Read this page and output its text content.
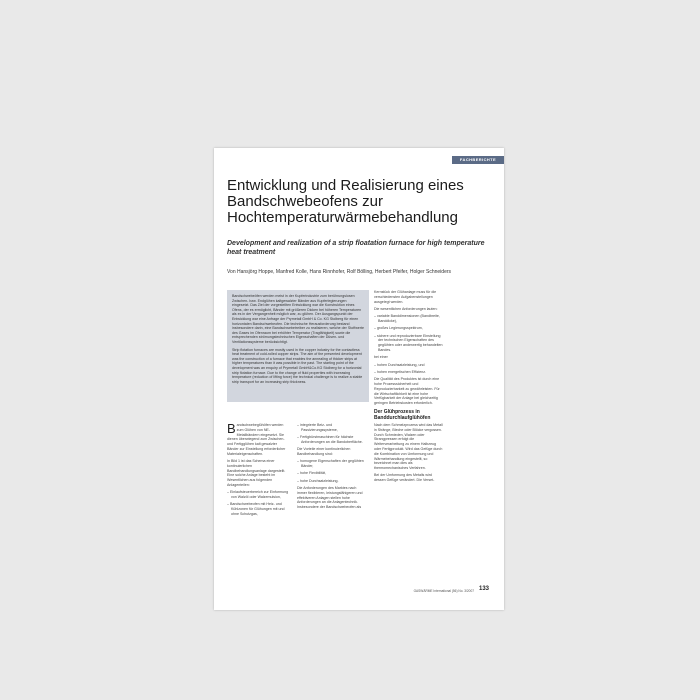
FACHBERICHTE
Entwicklung und Realisierung eines Bandschwebeofens zur Hochtemperaturwärmebehandlung
Development and realization of a strip floatation furnace for high temperature heat treatment
Von Hansjörg Hoppe, Manfred Kolle, Hans Rinnhofer, Rolf Bölling, Herbert Pfeifer, Holger Schneiders

Bandschwebeöfen werden meist in der Kupferindustrie zum berührungslosen Zwischen- bzw. Endglühen kaltgewalzter Bänder aus Kupferlegierungen eingesetzt. Das Ziel der vorgestellten Entwicklung war die Konstruktion eines Ofens, der es ermöglicht, Bänder mit größeren Dicken bei höheren Temperaturen als es in der Vergangenheit möglich war, zu glühen. Der Ausgangspunkt der Entwicklung war eine Anfrage der Prymetall GmbH & Co. KG Stolberg für einen horizontalen Bandschwebeofen. Die technische Herausforderung bestand insbesondere darin, eine Bandschwebetreiber zu realisieren, welche der Stoffwerte des Gases im Ofenraum bei erhöhter Temperatur (Tragfähigkeit) sowie die entsprechenden strömungstechnischen Eigenschaften der Düsen- und Ventilationssysteme berücksichtigt.

Strip flotation furnaces are mostly used in the copper industry for the contactless heat treatment of cold-rolled copper strips. The aim of the presented development was the construction of a furnace that enables the annealing of thicker strips at higher temperatures than it was possible in the past. The starting point of the development was an enquiry of Prymetall GmbH&Co.KG Stolberg for a horizontal strip flotation furnace. Due to the change of fluid properties with increasing temperature (reduction of lifting force) the technical challenge is to realize a stable strip transport for an increasing strip thickness.

Bandschwebeglühöfen werden zum Glühen von NE-Metallbändern eingesetzt. Sie dienen überwiegend zum Zwischen- und Fertigglühen kalt gewalzter Bänder zur Einstellung erforderlicher Materialeigenschaften.

In Bild 1 ist das Schema einer kontinuierlichen Bandbehandlungsanlage dargestellt. Eine solche Anlage besteht im Wesentlichen aus folgenden Anlagenteilen:

– Einlaufsteuerbereich zur Einformung von Walzöl oder Walzemulsion,
– Bandschwebeofen mit Heiz- und Kühlzonen für Glühungen mit und ohne Schutzgas,
– integrierte Beiz- und Passivierungssysteme,
– Fertigbürstmaschinen für hächste Anforderungen an die Bandoberfläche.

Die Vorteile einer kontinuierlichen Bandbehandlung sind:

– homogene Eigenschaften der geglühten Bänder,
– hohe Flexibilität,
– hohe Durchsatzleistung.

Die Anforderungen des Marktes nach immer flexibleren, leistungsfähigeren und effektiveren Anlagen stellen hohe Anforderungen an die Anlagentechnik. Insbesondere der Bandschwebeofen als

Kernstück der Glühanlage muss für die verschiedensten Aufgabenstellungen ausgelegt werden.

Die wesentlichen Anforderungen lauten:

– variable Banddimensionen (Bandbreite, Banddicke),
– großes Legierungsspektrum,
– sichere und reproduzierbare Einstellung der technischen Eigenschaften des geglühten oder anderwertig behandelten Bandes.

bei einer

– hohen Durchsatzleistung, und
– hohen energetischen Effizienz.

Die Qualität des Produktes ist durch eine hohe Prozesssicherheit und Reproduzierbarkeit zu gewährleisten. Für die Wirtschaftlichkeit ist eine hohe Verfügbarkeit der Anlage bei gleichzeitig geringen Betriebskosten erforderlich.

Der Glühprozess in Banddurchlaufglühöfen

Nach dem Schmelzprozess wird das Metall in Stränge, Bleche oder Blöcke vergossen. Durch Schmieden, Walzen oder Strangpressen erfolgt die Weiterverarbeitung zu einem Halbzeug oder Fertigprodukt. Wird das Gefüge durch die Kombination von Umformung und Wärmebehandlung eingestellt, so bezeichnet man dies als thermomechanisches Verfahren.

Bei der Umformung des Metalls wird dessen Gefüge verändert. Die Verset-

GASWÄRME International (56) No. 3/2007 133
